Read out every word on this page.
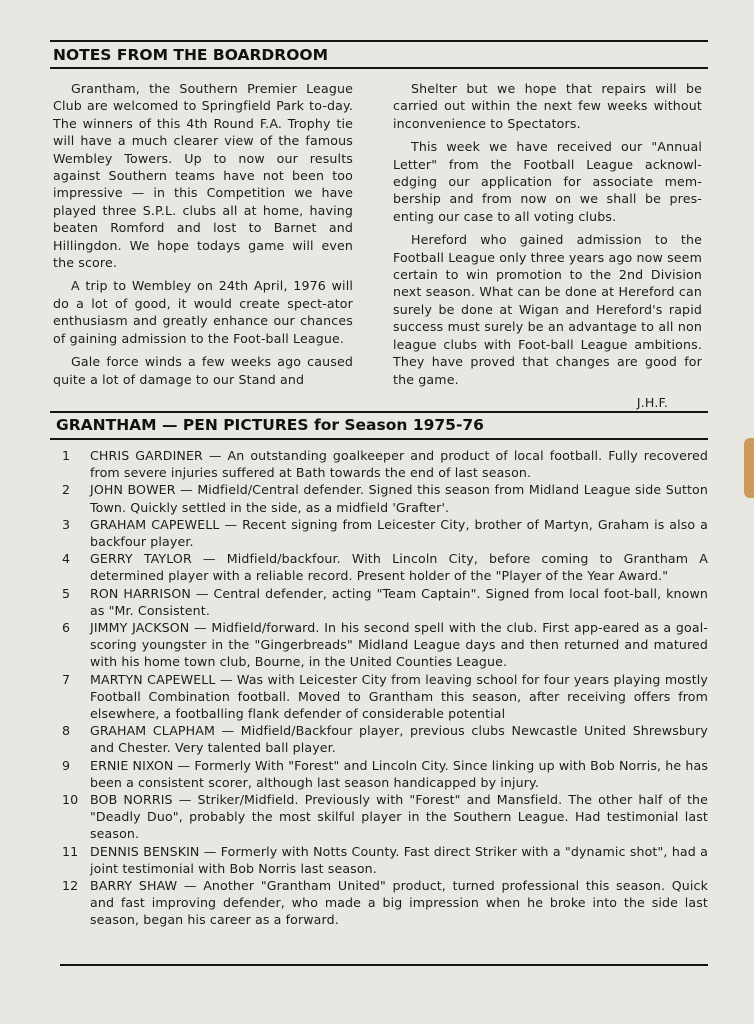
NOTES FROM THE BOARDROOM

Grantham, the Southern Premier League Club are welcomed to Springfield Park to-day. The winners of this 4th Round F.A. Trophy tie will have a much clearer view of the famous Wembley Towers. Up to now our results against Southern teams have not been too impressive — in this Competition we have played three S.P.L. clubs all at home, having beaten Romford and lost to Barnet and Hillingdon. We hope todays game will even the score.

A trip to Wembley on 24th April, 1976 will do a lot of good, it would create spect-ator enthusiasm and greatly enhance our chances of gaining admission to the Foot-ball League.

Gale force winds a few weeks ago caused quite a lot of damage to our Stand and

Shelter but we hope that repairs will be carried out within the next few weeks without inconvenience to Spectators.

This week we have received our "Annual Letter" from the Football League acknowl-edging our application for associate mem-bership and from now on we shall be pres-enting our case to all voting clubs.

Hereford who gained admission to the Football League only three years ago now seem certain to win promotion to the 2nd Division next season. What can be done at Hereford can surely be done at Wigan and Hereford's rapid success must surely be an advantage to all non league clubs with Foot-ball League ambitions. They have proved that changes are good for the game.

J.H.F.

GRANTHAM — PEN PICTURES for Season 1975-76
1	CHRIS GARDINER — An outstanding goalkeeper and product of local football. Fully recovered from severe injuries suffered at Bath towards the end of last season.
2	JOHN BOWER — Midfield/Central defender. Signed this season from Midland League side Sutton Town. Quickly settled in the side, as a midfield 'Grafter'.
3	GRAHAM CAPEWELL — Recent signing from Leicester City, brother of Martyn, Graham is also a backfour player.
4	GERRY TAYLOR — Midfield/backfour. With Lincoln City, before coming to Grantham A determined player with a reliable record. Present holder of the "Player of the Year Award."
5	RON HARRISON — Central defender, acting "Team Captain". Signed from local foot-ball, known as "Mr. Consistent.
6	JIMMY JACKSON — Midfield/forward. In his second spell with the club. First app-eared as a goal-scoring youngster in the "Gingerbreads" Midland League days and then returned and matured with his home town club, Bourne, in the United Counties League.
7	MARTYN CAPEWELL — Was with Leicester City from leaving school for four years playing mostly Football Combination football. Moved to Grantham this season, after receiving offers from elsewhere, a footballing flank defender of considerable potential
8	GRAHAM CLAPHAM — Midfield/Backfour player, previous clubs Newcastle United Shrewsbury and Chester. Very talented ball player.
9	ERNIE NIXON — Formerly With "Forest" and Lincoln City. Since linking up with Bob Norris, he has been a consistent scorer, although last season handicapped by injury.
10 BOB NORRIS — Striker/Midfield. Previously with "Forest" and Mansfield. The other half of the "Deadly Duo", probably the most skilful player in the Southern League. Had testimonial last season.
11 DENNIS BENSKIN — Formerly with Notts County. Fast direct Striker with a "dynamic shot", had a joint testimonial with Bob Norris last season.
12 BARRY SHAW — Another "Grantham United" product, turned professional this season. Quick and fast improving defender, who made a big impression when he broke into the side last season, began his career as a forward.
